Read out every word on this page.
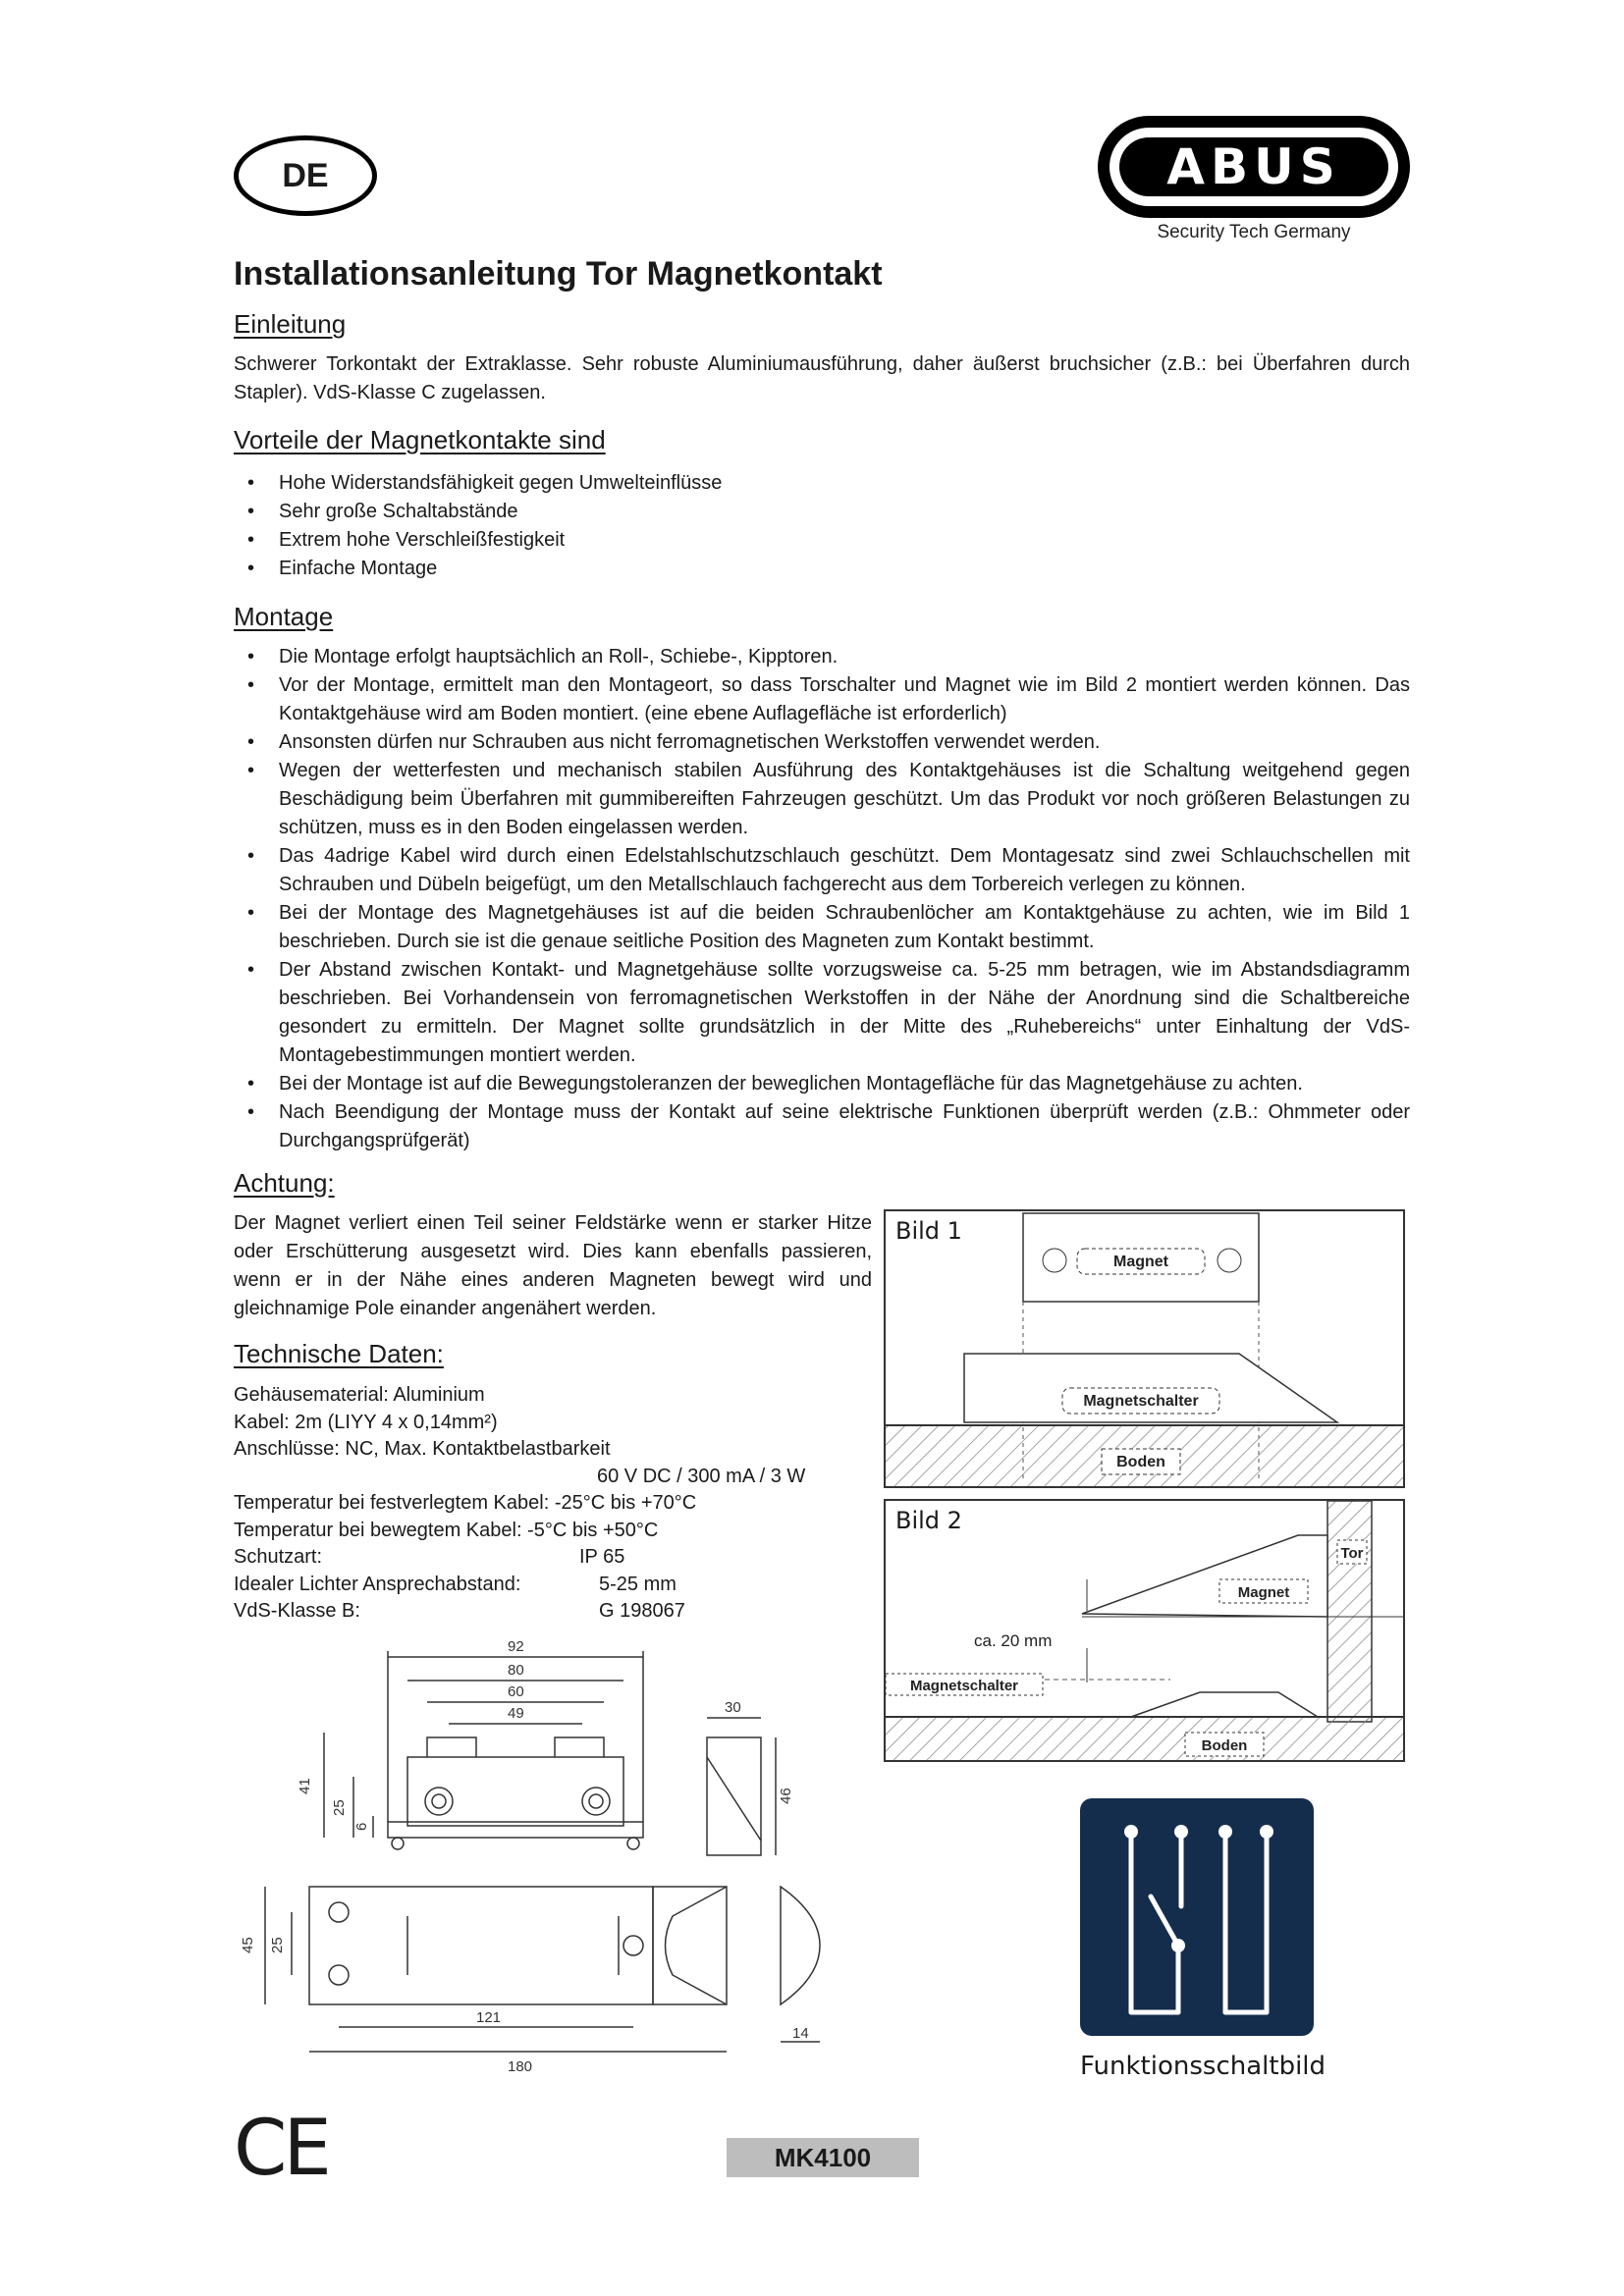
DE	ABUS
Security Tech Germany
Installationsanleitung Tor Magnetkontakt
Einleitung
Schwerer Torkontakt der Extraklasse. Sehr robuste Aluminiumausführung, daher äußerst bruchsicher (z.B.: bei Überfahren durch Stapler). VdS-Klasse C zugelassen.
Vorteile der Magnetkontakte sind
• Hohe Widerstandsfähigkeit gegen Umwelteinflüsse
• Sehr große Schaltabstände
• Extrem hohe Verschleißfestigkeit
• Einfache Montage
Montage
• Die Montage erfolgt hauptsächlich an Roll-, Schiebe-, Kipptoren.
• Vor der Montage, ermittelt man den Montageort, so dass Torschalter und Magnet wie im Bild 2 montiert werden können. Das Kontaktgehäuse wird am Boden montiert. (eine ebene Auflagefläche ist erforderlich)
• Ansonsten dürfen nur Schrauben aus nicht ferromagnetischen Werkstoffen verwendet werden.
• Wegen der wetterfesten und mechanisch stabilen Ausführung des Kontaktgehäuses ist die Schaltung weitgehend gegen Beschädigung beim Überfahren mit gummibereiften Fahrzeugen geschützt. Um das Produkt vor noch größeren Belastungen zu schützen, muss es in den Boden eingelassen werden.
• Das 4adrige Kabel wird durch einen Edelstahlschutzschlauch geschützt. Dem Montagesatz sind zwei Schlauchschellen mit Schrauben und Dübeln beigefügt, um den Metallschlauch fachgerecht aus dem Torbereich verlegen zu können.
• Bei der Montage des Magnetgehäuses ist auf die beiden Schraubenlöcher am Kontaktgehäuse zu achten, wie im Bild 1 beschrieben. Durch sie ist die genaue seitliche Position des Magneten zum Kontakt bestimmt.
• Der Abstand zwischen Kontakt- und Magnetgehäuse sollte vorzugsweise ca. 5-25 mm betragen, wie im Abstandsdiagramm beschrieben. Bei Vorhandensein von ferromagnetischen Werkstoffen in der Nähe der Anordnung sind die Schaltbereiche gesondert zu ermitteln. Der Magnet sollte grundsätzlich in der Mitte des „Ruhebereichs“ unter Einhaltung der VdS-Montagebestimmungen montiert werden.
• Bei der Montage ist auf die Bewegungstoleranzen der beweglichen Montagefläche für das Magnetgehäuse zu achten.
• Nach Beendigung der Montage muss der Kontakt auf seine elektrische Funktionen überprüft werden (z.B.: Ohmmeter oder Durchgangsprüfgerät)
Achtung:
Der Magnet verliert einen Teil seiner Feldstärke wenn er starker Hitze oder Erschütterung ausgesetzt wird. Dies kann ebenfalls passieren, wenn er in der Nähe eines anderen Magneten bewegt wird und gleichnamige Pole einander angenähert werden.
Technische Daten:
Gehäusematerial: Aluminium
Kabel: 2m (LIYY 4 x 0,14mm²)
Anschlüsse: NC, Max. Kontaktbelastbarkeit
60 V DC / 300 mA / 3 W
Temperatur bei festverlegtem Kabel: -25°C bis +70°C
Temperatur bei bewegtem Kabel: -5°C bis +50°C
Schutzart:	IP 65
Idealer Lichter Ansprechabstand:	5-25 mm
VdS-Klasse B:	G 198067
92
80
60
49	30
41
25
6
46
45 25
121
180
14
Bild 1
Magnet
Magnetschalter
Boden
Bild 2
Tor
Magnet
ca. 20 mm
Magnetschalter
Boden
Funktionsschaltbild
CE	MK4100
